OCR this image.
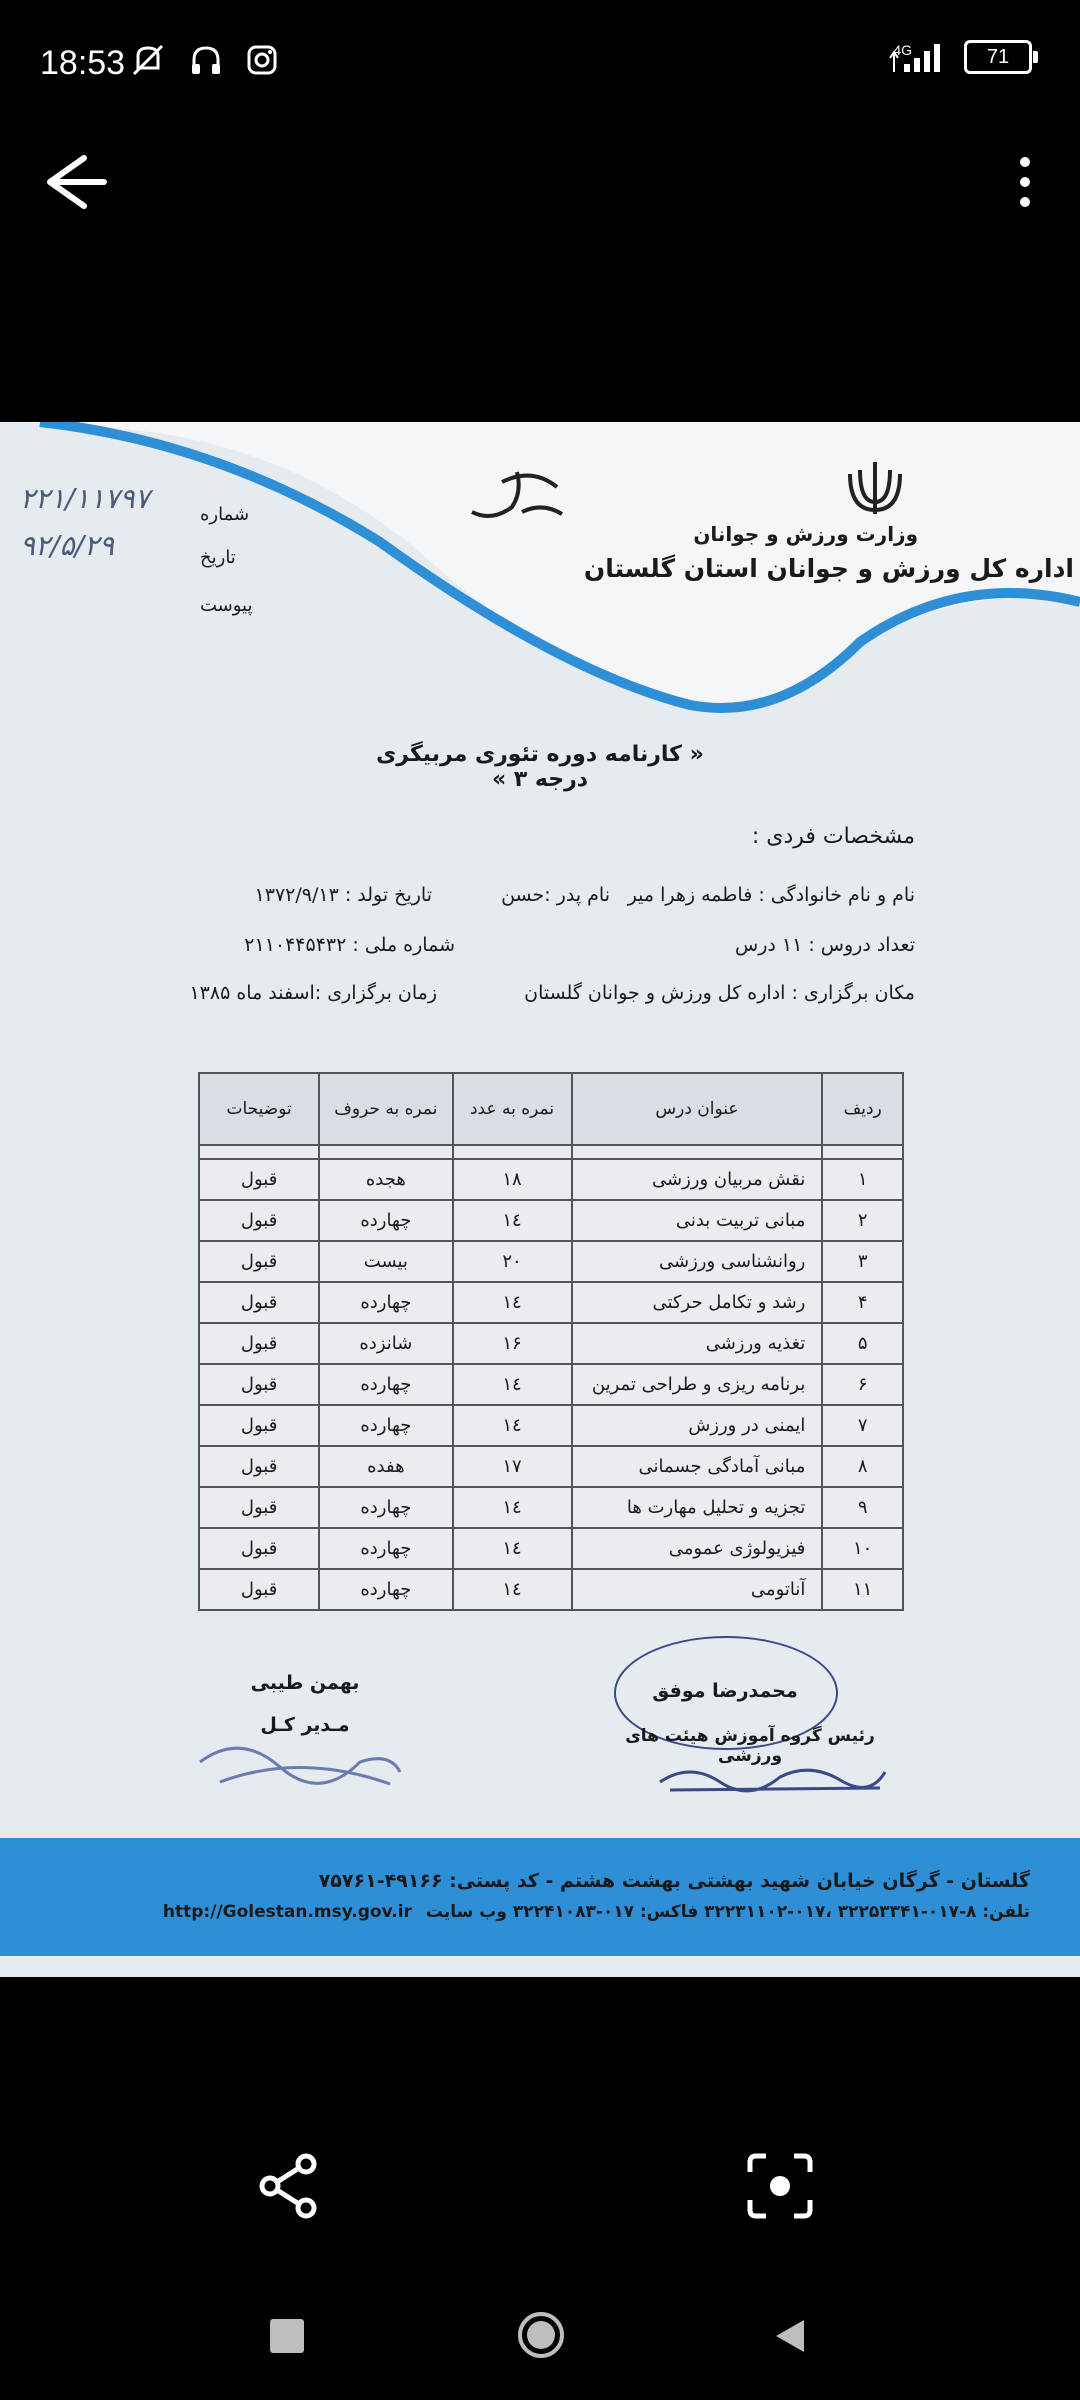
18:53	4G	71
وزارت ورزش و جوانان
اداره کل ورزش و جوانان استان گلستان
شماره
۲۲۱/۱۱۷۹۷
تاریخ
۹۲/۵/۲۹
پیوست
« کارنامه دوره تئوری مربیگری درجه ۳ »
مشخصات فردی :
نام و نام خانوادگی : فاطمه زهرا میر
نام پدر :حسن
تاریخ تولد : ۱۳۷۲/۹/۱۳
تعداد دروس : ۱۱ درس
شماره ملی : ۲۱۱۰۴۴۵۴۳۲
مکان برگزاری : اداره کل ورزش و جوانان گلستان
زمان برگزاری :اسفند ماه ۱۳۸۵
ردیف	عنوان درس	نمره به عدد	نمره به حروف	توضیحات

۱	نقش مربیان ورزشی	۱۸	هجده	قبول
۲	مبانی تربیت بدنی	۱٤	چهارده	قبول
۳	روانشناسی ورزشی	۲۰	بیست	قبول
۴	رشد و تکامل حرکتی	۱٤	چهارده	قبول
۵	تغذیه ورزشی	۱۶	شانزده	قبول
۶	برنامه ریزی و طراحی تمرین	۱٤	چهارده	قبول
۷	ایمنی در ورزش	۱٤	چهارده	قبول
۸	مبانی آمادگی جسمانی	۱۷	هفده	قبول
۹	تجزیه و تحلیل مهارت ها	۱٤	چهارده	قبول
۱۰	فیزیولوژی عمومی	۱٤	چهارده	قبول
۱۱	آناتومی	۱٤	چهارده	قبول
محمدرضا موفق
رئیس گروه آموزش هیئت های ورزشی
بهمن طیبی
مـدیر کـل
گلستان - گرگان خیابان شهید بهشتی بهشت هشتم - کد پستی: ۴۹۱۶۶-۷۵۷۶۱
تلفن: ۸-۰۱۷-۳۲۲۵۳۳۴۱ ،۰۱۷-۳۲۲۳۱۱۰۲ فاکس: ۰۱۷-۳۲۲۴۱۰۸۳ وب سایت http://Golestan.msy.gov.ir
